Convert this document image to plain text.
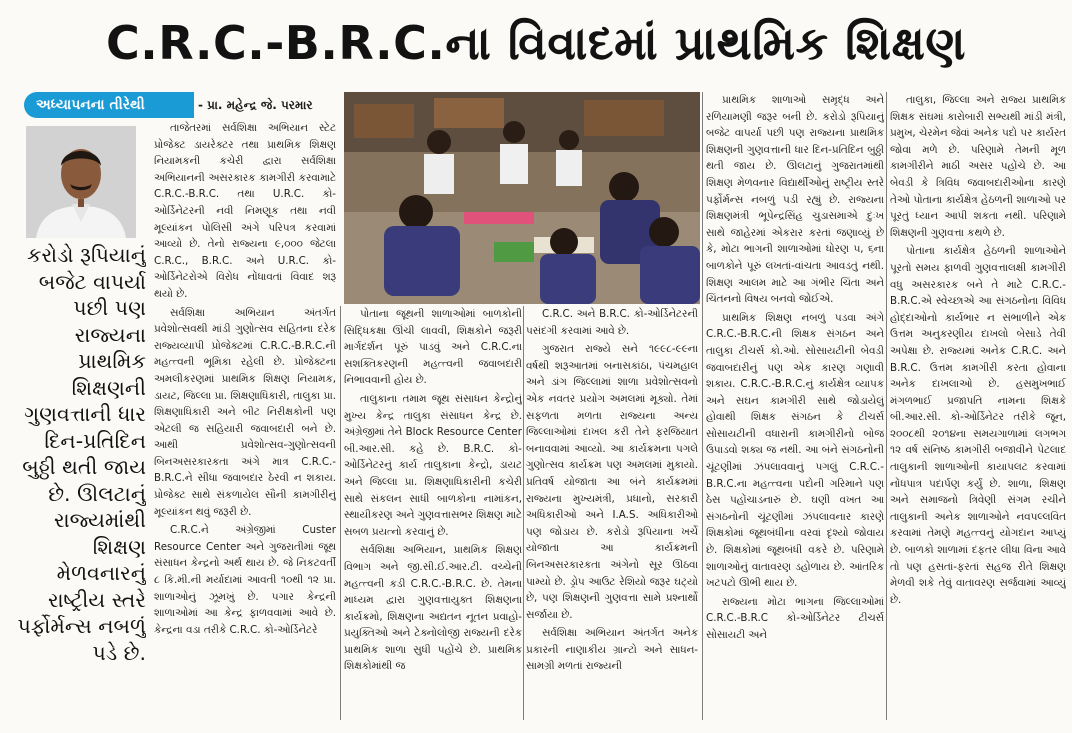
C.R.C.-B.R.C.ના વિવાદમાં પ્રાથમિક શિક્ષણ
અધ્યાપનના તીરેથી	- પ્રા. મહેન્દ્ર જે. પરમાર
કરોડો રૂપિયાનું બજેટ વાપર્યા પછી પણ રાજ્યના પ્રાથમિક શિક્ષણની ગુણવત્તાની ધાર દિન-પ્રતિદિન બુઠ્ઠી થતી જાય છે. ઊલટાનું રાજ્યમાંથી શિક્ષણ મેળવનારનું રાષ્ટ્રીય સ્તરે પર્ફોર્મન્સ નબળું પડે છે.

તાજેતરમાં સર્વશિક્ષા અભિયાન સ્ટેટ પ્રોજેક્ટ ડાયરેક્ટર તથા પ્રાથમિક શિક્ષણ નિયામકની કચેરી દ્વારા સર્વશિક્ષા અભિયાનની અસરકારક કામગીરી કરવામાટે C.R.C.-B.R.C. તથા U.R.C. કો-ઓર્ડિનેટરની નવી નિમણૂક તથા નવી મૂલ્યાંકન પોલિસી અંગે પરિપત્ર કરવામાં આવ્યો છે. તેનો રાજ્યના ૯,૦૦૦ જેટલા C.R.C., B.R.C. અને U.R.C. કો-ઓર્ડિનેટરોએ વિરોધ નોંધાવતાં વિવાદ શરૂ થયો છે.

સર્વશિક્ષા અભિયાન અંતર્ગત પ્રવેશોત્સવથી માંડી ગુણોત્સવ સહિતના દરેક રાજ્યવ્યાપી પ્રોજેક્ટમાં C.R.C.-B.R.C.ની મહત્ત્વની ભૂમિકા રહેલી છે. પ્રોજેક્ટના અમલીકરણમાં પ્રાથમિક શિક્ષણ નિયામક, ડાયટ, જિલ્લા પ્રા. શિક્ષણાધિકારી, તાલુકા પ્રા. શિક્ષણાધિકારી અને બીટ નિરીક્ષકોની પણ એટલી જ સહિયારી જવાબદારી બને છે. આથી પ્રવેશોત્સવ-ગુણોત્સવની બિનઅસરકારકતા અંગે માત્ર C.R.C.-B.R.C.ને સીધા જવાબદાર ઠેરવી ન શકાય. પ્રોજેક્ટ સાથે સંકળાયેલ સૌની કામગીરીનું મૂલ્યાંકન થવું જરૂરી છે.

C.R.C.ને અંગ્રેજીમાં Custer Resource Center અને ગુજરાતીમાં જૂથ સંસાધન કેન્દ્રનો અર્થ થાય છે. જે નિકટવર્તી ૮ કિ.મી.ની મર્યાદામાં આવતી ૧૦થી ૧૨ પ્રા. શાળાઓનું ઝૂમખું છે. પગાર કેન્દ્રની શાળાઓમાં આ કેન્દ્ર ફાળવવામાં આવે છે. કેન્દ્રના વડા તરીકે C.R.C. કો-ઓર્ડિનેટરે

પોતાના જૂથની શાળાઓમાં બાળકોની સિદ્ધિકક્ષા ઊંચી લાવવી, શિક્ષકોને જરૂરી માર્ગદર્શન પૂરું પાડવું અને C.R.C.ના સશક્તિકરણની મહત્ત્વની જવાબદારી નિભાવવાની હોય છે.

તાલુકાના તમામ જૂથ સંસાધન કેન્દ્રોનું મુખ્ય કેન્દ્ર તાલુકા સંસાધન કેન્દ્ર છે. અંગ્રેજીમાં તેને Block Resource Center બી.આર.સી. કહે છે. B.R.C. કો-ઓર્ડિનેટરનું કાર્ય તાલુકાના કેન્દ્રો, ડાયટ અને જિલ્લા પ્રા. શિક્ષણાધિકારીની કચેરી સાથે સંકલન સાધી બાળકોના નામાંકન, સ્થાયીકરણ અને ગુણવત્તાસભર શિક્ષણ માટે સબળ પ્રયત્નો કરવાનું છે.

સર્વશિક્ષા અભિયાન, પ્રાથમિક શિક્ષણ વિભાગ અને જી.સી.ઈ.આર.ટી. વચ્ચેની મહત્ત્વની કડી C.R.C.-B.R.C. છે. તેમના માધ્યમ દ્વારા ગુણવત્તાયુક્ત શિક્ષણના કાર્યક્રમો, શિક્ષણના અદ્યતન નૂતન પ્રવાહો-પ્રયુક્તિઓ અને ટેક્નોલોજી રાજ્યની દરેક પ્રાથમિક શાળા સુધી પહોંચે છે. પ્રાથમિક શિક્ષકોમાંથી જ

C.R.C. અને B.R.C. કો-ઓર્ડિનેટરની પસંદગી કરવામાં આવે છે.

ગુજરાત રાજ્યે સને ૧૯૯૮-૯૯ના વર્ષથી શરૂઆતમાં બનાસકાંઠા, પંચમહાલ અને ડાંગ જિલ્લામાં શાળા પ્રવેશોત્સવનો એક નવતર પ્રયોગ અમલમાં મૂક્યો. તેમાં સફળતા મળતા રાજ્યના અન્ય જિલ્લાઓમાં દાખલ કરી તેને ફરજિયાત બનાવવામાં આવ્યો. આ કાર્યક્રમના પગલે ગુણોત્સવ કાર્યક્રમ પણ અમલમાં મુકાયો. પ્રતિવર્ષ યોજાતા આ બંને કાર્યક્રમમાં રાજ્યના મુખ્યમંત્રી, પ્રધાનો, સરકારી અધિકારીઓ અને I.A.S. અધિકારીઓ પણ જોડાય છે. કરોડો રૂપિયાના ખર્ચે યોજાતા આ કાર્યક્રમની બિનઅસરકારકતા અંગેનો સૂર ઊઠવા પામ્યો છે. ડ્રોપ આઉટ રેશિયો જરૂર ઘટ્યો છે, પણ શિક્ષણની ગુણવત્તા સામે પ્રશ્નાર્થો સર્જાયા છે.

સર્વશિક્ષા અભિયાન અંતર્ગત અનેક પ્રકારની નાણાકીય ગ્રાન્ટો અને સાધન-સામગ્રી મળતાં રાજ્યની

પ્રાથમિક શાળાઓ સમૃદ્ધ અને રળિયામણી જરૂર બની છે. કરોડો રૂપિયાનું બજેટ વાપર્યા પછી પણ રાજ્યના પ્રાથમિક શિક્ષણની ગુણવત્તાની ધાર દિન-પ્રતિદિન બુઠ્ઠી થતી જાય છે. ઊલટાનું ગુજરાતમાંથી શિક્ષણ મેળવનાર વિદ્યાર્થીઓનું રાષ્ટ્રીય સ્તરે પર્ફોર્મન્સ નબળું પડી રહ્યું છે. રાજ્યના શિક્ષણમંત્રી ભૂપેન્દ્રસિંહ ચુડાસમાએ દુઃખ સાથે જાહેરમાં એકરાર કરતાં જણાવ્યું છે કે, મોટા ભાગની શાળાઓમાં ધોરણ ૫, ૬ના બાળકોને પૂરું લખતાં-વાંચતા આવડતું નથી. શિક્ષણ આલમ માટે આ ગંભીર ચિંતા અને ચિંતનનો વિષય બનવો જોઈએ.

પ્રાથમિક શિક્ષણ નબળું પડવા અંગે C.R.C.-B.R.C.ની શિક્ષક સંગઠન અને તાલુકા ટીચર્સ કો.ઓ. સોસાયટીની બેવડી જવાબદારીનું પણ એક કારણ ગણાવી શકાય. C.R.C.-B.R.C.નું કાર્યક્ષેત્ર વ્યાપક અને સઘન કામગીરી સાથે જોડાયેલું હોવાથી શિક્ષક સંગઠન કે ટીચર્સ સોસાયટીની વધારાની કામગીરીનો બોજ ઉપાડવો શક્ય જ નથી. આ બંને સંગઠનોની ચૂંટણીમાં ઝંપલાવવાનું પગલું C.R.C.-B.R.C.ના મહત્ત્વના પદોની ગરિમાને પણ ઠેસ પહોંચાડનારું છે. ઘણી વખત આ સંગઠનોની ચૂંટણીમાં ઝંપલાવનાર કારણે શિક્ષકોમાં જૂથબંધીના વરવાં દૃશ્યો જોવાય છે. શિક્ષકોમાં જૂથબંધી વકરે છે. પરિણામે શાળાઓનું વાતાવરણ ડહોળાય છે. આંતરિક ખટપટો ઊભી થાય છે.

રાજ્યના મોટા ભાગના જિલ્લાઓમાં C.R.C.-B.R.C કો-ઓર્ડિનેટર ટીચર્સ સોસાયટી અને

તાલુકા, જિલ્લા અને રાજ્ય પ્રાથમિક શિક્ષક સંઘમાં કારોબારી સભ્યથી માંડી મંત્રી, પ્રમુખ, ચેરમેન જેવાં અનેક પદો પર કાર્યરત જોવા મળે છે. પરિણામે તેમની મૂળ કામગીરીને માઠી અસર પહોંચે છે. આ બેવડી કે ત્રિવિધ જવાબદારીઓના કારણે તેઓ પોતાના કાર્યક્ષેત્ર હેઠળની શાળાઓ પર પૂરતું ધ્યાન આપી શકતા નથી. પરિણામે શિક્ષણની ગુણવત્તા કથળે છે.

પોતાના કાર્યક્ષેત્ર હેઠળની શાળાઓને પૂરતો સમય ફાળવી ગુણવત્તાલક્ષી કામગીરી વધુ અસરકારક બને તે માટે C.R.C.-B.R.C.એ સ્વેચ્છાએ આ સંગઠનોના વિવિધ હોદ્દાઓનો કાર્યભાર ન સંભાળીને એક ઉત્તમ અનુકરણીય દાખલો બેસાડે તેવી અપેક્ષા છે. રાજ્યમાં અનેક C.R.C. અને B.R.C. ઉત્તમ કામગીરી કરતા હોવાના અનેક દાખલાઓ છે. હસમુખભાઈ મંગળભાઈ પ્રજાપતિ નામના શિક્ષકે બી.આર.સી. કો-ઓર્ડિનેટર તરીકે જૂન, ૨૦૦૮થી ૨૦૧૪ના સમયગાળામાં લગભગ ૧૨ વર્ષ સંનિષ્ઠ કામગીરી બજાવીને પેટલાદ તાલુકાની શાળાઓની કાયાપલટ કરવામાં નોંધપાત્ર પદાર્પણ કર્યું છે. શાળા, શિક્ષણ અને સમાજનો ત્રિવેણી સંગમ રચીને તાલુકાની અનેક શાળાઓને નવપલ્લવિત કરવામાં તેમણે મહત્ત્વનું યોગદાન આપ્યું છે. બાળકો શાળામાં દફતર લીધા વિના આવે તો પણ હસતાં-ફરતાં સહજ રીતે શિક્ષણ મેળવી શકે તેવું વાતાવરણ સર્જવામાં આવ્યું છે.
